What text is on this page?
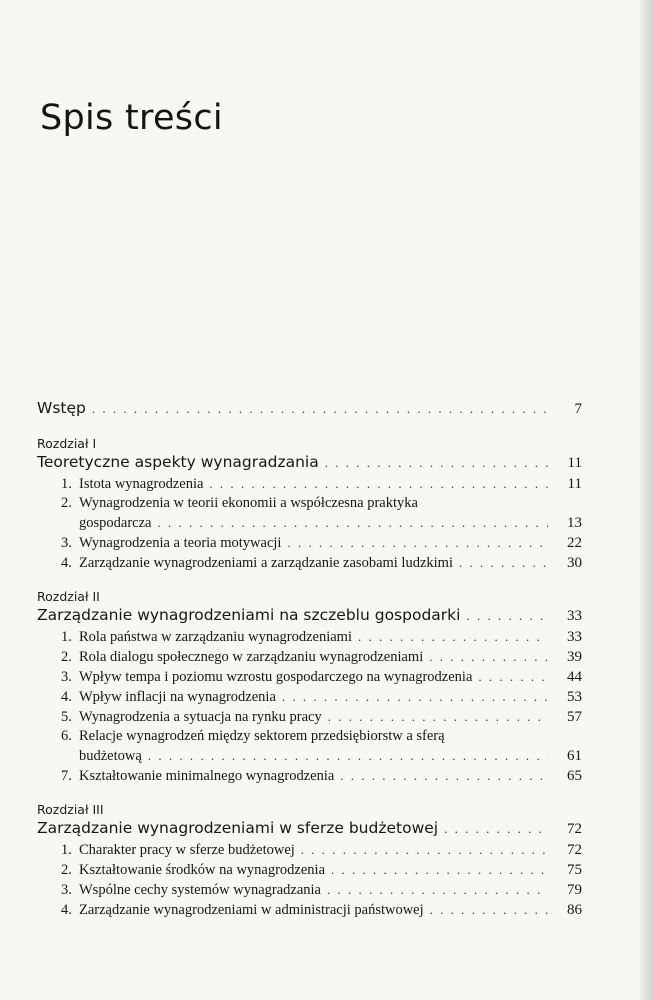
Spis treści
Wstęp . . .	7
Rozdział I
Teoretyczne aspekty wynagradzania . . .	11
1. Istota wynagrodzenia . . .	11
2. Wynagrodzenia w teorii ekonomii a współczesna praktyka
gospodarcza . . .	13
3. Wynagrodzenia a teoria motywacji . . .	22
4. Zarządzanie wynagrodzeniami a zarządzanie zasobami ludzkimi . . .	30
Rozdział II
Zarządzanie wynagrodzeniami na szczeblu gospodarki . . .	33
1. Rola państwa w zarządzaniu wynagrodzeniami . . .	33
2. Rola dialogu społecznego w zarządzaniu wynagrodzeniami . . .	39
3. Wpływ tempa i poziomu wzrostu gospodarczego na wynagrodzenia . . .	44
4. Wpływ inflacji na wynagrodzenia . . .	53
5. Wynagrodzenia a sytuacja na rynku pracy . . .	57
6. Relacje wynagrodzeń między sektorem przedsiębiorstw a sferą
budżetową . . .	61
7. Kształtowanie minimalnego wynagrodzenia . . .	65
Rozdział III
Zarządzanie wynagrodzeniami w sferze budżetowej . . .	72
1. Charakter pracy w sferze budżetowej . . .	72
2. Kształtowanie środków na wynagrodzenia . . .	75
3. Wspólne cechy systemów wynagradzania . . .	79
4. Zarządzanie wynagrodzeniami w administracji państwowej . . .	86
